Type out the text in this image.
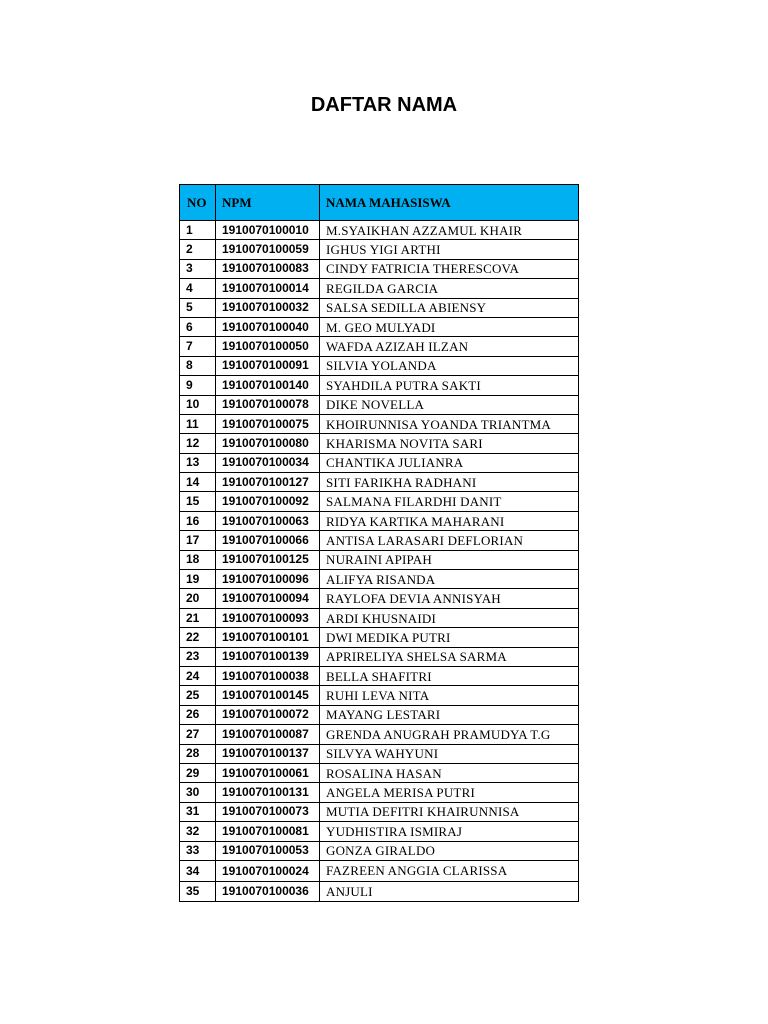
DAFTAR NAMA
NO	NPM	NAMA MAHASISWA
1	1910070100010	M.SYAIKHAN AZZAMUL KHAIR
2	1910070100059	IGHUS YIGI ARTHI
3	1910070100083	CINDY FATRICIA THERESCOVA
4	1910070100014	REGILDA GARCIA
5	1910070100032	SALSA SEDILLA ABIENSY
6	1910070100040	M. GEO MULYADI
7	1910070100050	WAFDA AZIZAH ILZAN
8	1910070100091	SILVIA YOLANDA
9	1910070100140	SYAHDILA PUTRA SAKTI
10	1910070100078	DIKE NOVELLA
11	1910070100075	KHOIRUNNISA YOANDA TRIANTMA
12	1910070100080	KHARISMA NOVITA SARI
13	1910070100034	CHANTIKA JULIANRA
14	1910070100127	SITI FARIKHA RADHANI
15	1910070100092	SALMANA FILARDHI DANIT
16	1910070100063	RIDYA KARTIKA MAHARANI
17	1910070100066	ANTISA LARASARI DEFLORIAN
18	1910070100125	NURAINI APIPAH
19	1910070100096	ALIFYA RISANDA
20	1910070100094	RAYLOFA DEVIA ANNISYAH
21	1910070100093	ARDI KHUSNAIDI
22	1910070100101	DWI MEDIKA PUTRI
23	1910070100139	APRIRELIYA SHELSA SARMA
24	1910070100038	BELLA SHAFITRI
25	1910070100145	RUHI LEVA NITA
26	1910070100072	MAYANG LESTARI
27	1910070100087	GRENDA ANUGRAH PRAMUDYA T.G
28	1910070100137	SILVYA WAHYUNI
29	1910070100061	ROSALINA HASAN
30	1910070100131	ANGELA MERISA PUTRI
31	1910070100073	MUTIA DEFITRI KHAIRUNNISA
32	1910070100081	YUDHISTIRA ISMIRAJ
33	1910070100053	GONZA GIRALDO
34	1910070100024	FAZREEN ANGGIA CLARISSA
35	1910070100036	ANJULI
